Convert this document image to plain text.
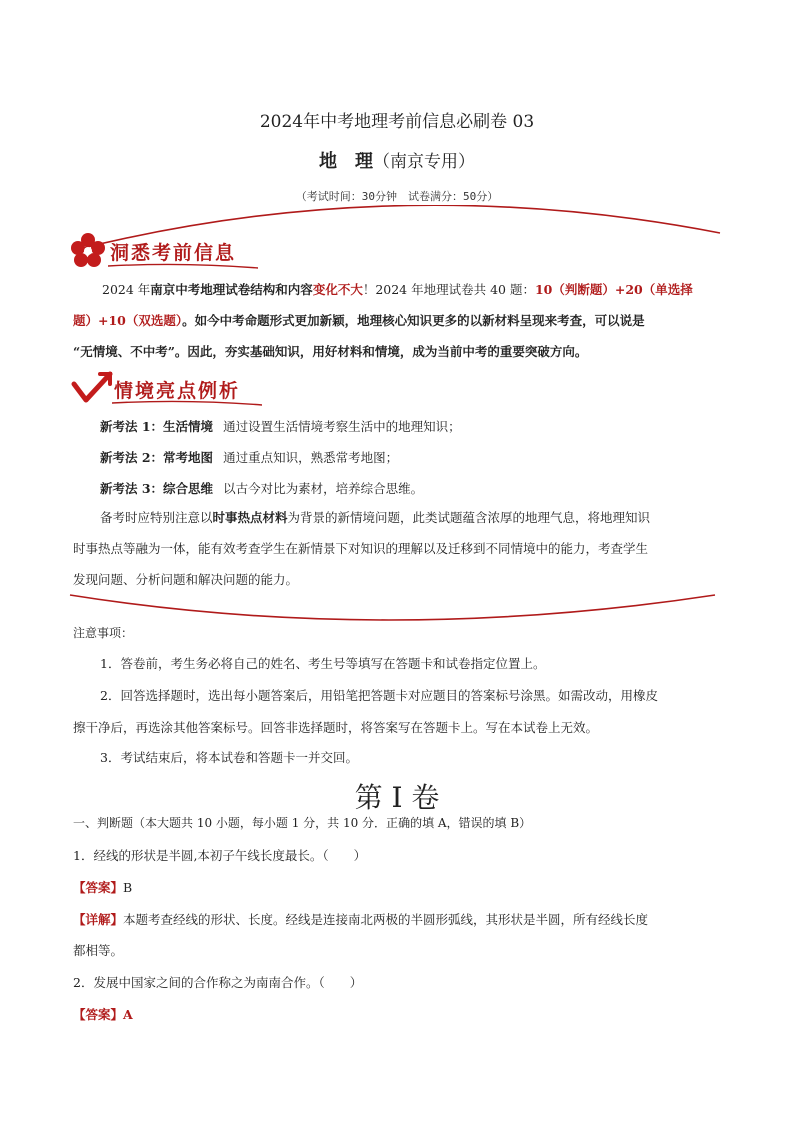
2024年中考地理考前信息必刷卷 03
地　理（南京专用）
（考试时间：30分钟　试卷满分：50分）
洞悉考前信息
2024 年南京中考地理试卷结构和内容变化不大！2024 年地理试卷共 40 题：10（判断题）+20（单选择
题）+10（双选题）。如今中考命题形式更加新颖，地理核心知识更多的以新材料呈现来考查，可以说是
“无情境、不中考”。因此，夯实基础知识，用好材料和情境，成为当前中考的重要突破方向。
情境亮点例析
新考法 1：生活情境 通过设置生活情境考察生活中的地理知识；
新考法 2：常考地图 通过重点知识，熟悉常考地图；
新考法 3：综合思维 以古今对比为素材，培养综合思维。
备考时应特别注意以时事热点材料为背景的新情境问题，此类试题蕴含浓厚的地理气息，将地理知识
时事热点等融为一体，能有效考查学生在新情景下对知识的理解以及迁移到不同情境中的能力，考查学生
发现问题、分析问题和解决问题的能力。
注意事项：
1．答卷前，考生务必将自己的姓名、考生号等填写在答题卡和试卷指定位置上。
2．回答选择题时，选出每小题答案后，用铅笔把答题卡对应题目的答案标号涂黑。如需改动，用橡皮
擦干净后，再选涂其他答案标号。回答非选择题时，将答案写在答题卡上。写在本试卷上无效。
3．考试结束后，将本试卷和答题卡一并交回。
第 I 卷
一、判断题（本大题共 10 小题，每小题 1 分，共 10 分．正确的填 A，错误的填 B）
1．经线的形状是半圆,本初子午线长度最长。（　　）
【答案】B
【详解】本题考查经线的形状、长度。经线是连接南北两极的半圆形弧线，其形状是半圆，所有经线长度
都相等。
2．发展中国家之间的合作称之为南南合作。（　　）
【答案】A
